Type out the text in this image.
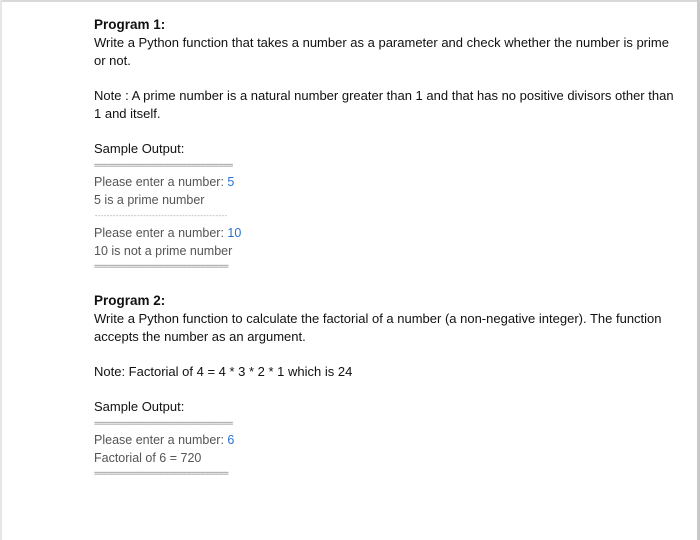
Program 1:

Write a Python function that takes a number as a parameter and check whether the number is prime or not.

Note : A prime number is a natural number greater than 1 and that has no positive divisors other than 1 and itself.

Sample Output:

==============================

Please enter a number: 5

5 is a prime number

--------------------------------------------

Please enter a number: 10

10 is not a prime number

=============================

Program 2:

Write a Python function to calculate the factorial of a number (a non-negative integer). The function accepts the number as an argument.

Note: Factorial of 4 = 4 * 3 * 2 * 1 which is 24

Sample Output:

==============================

Please enter a number: 6

Factorial of 6 = 720

=============================
